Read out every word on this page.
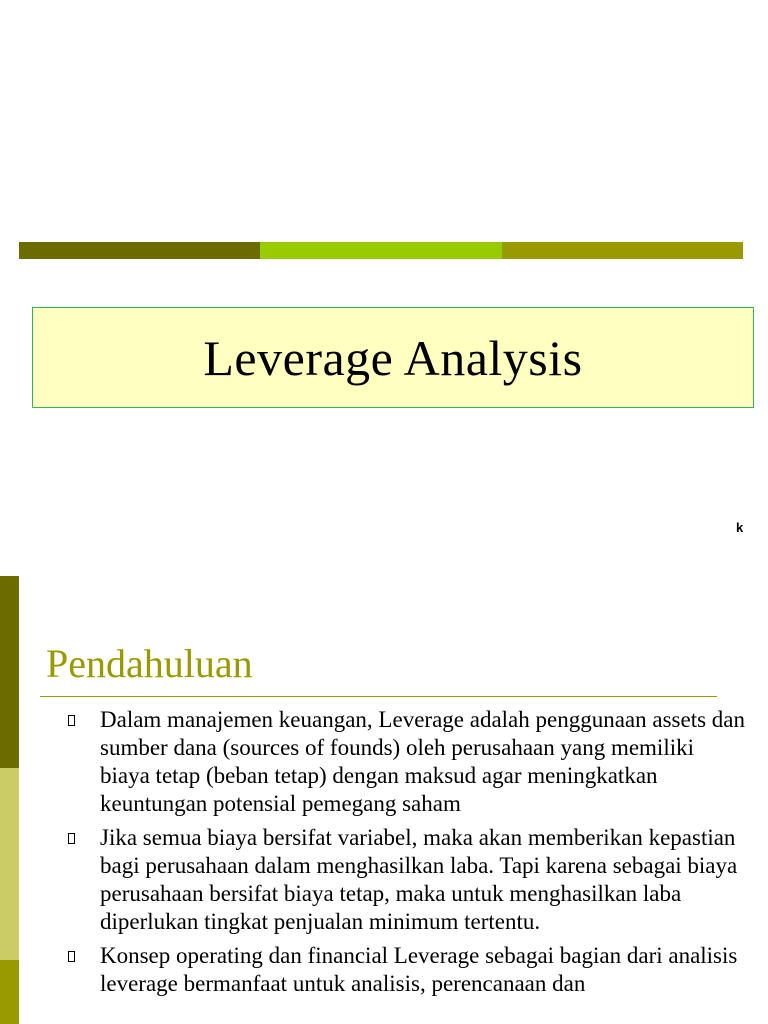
Leverage Analysis
k
Pendahuluan
Dalam manajemen keuangan, Leverage adalah penggunaan assets dan sumber dana (sources of founds) oleh perusahaan yang memiliki biaya tetap (beban tetap) dengan maksud agar meningkatkan keuntungan potensial pemegang saham
Jika semua biaya bersifat variabel, maka akan memberikan kepastian bagi perusahaan dalam menghasilkan laba. Tapi karena sebagai biaya perusahaan bersifat biaya tetap, maka untuk menghasilkan laba diperlukan tingkat penjualan minimum tertentu.
Konsep operating dan financial Leverage sebagai bagian dari analisis leverage bermanfaat untuk analisis, perencanaan dan
